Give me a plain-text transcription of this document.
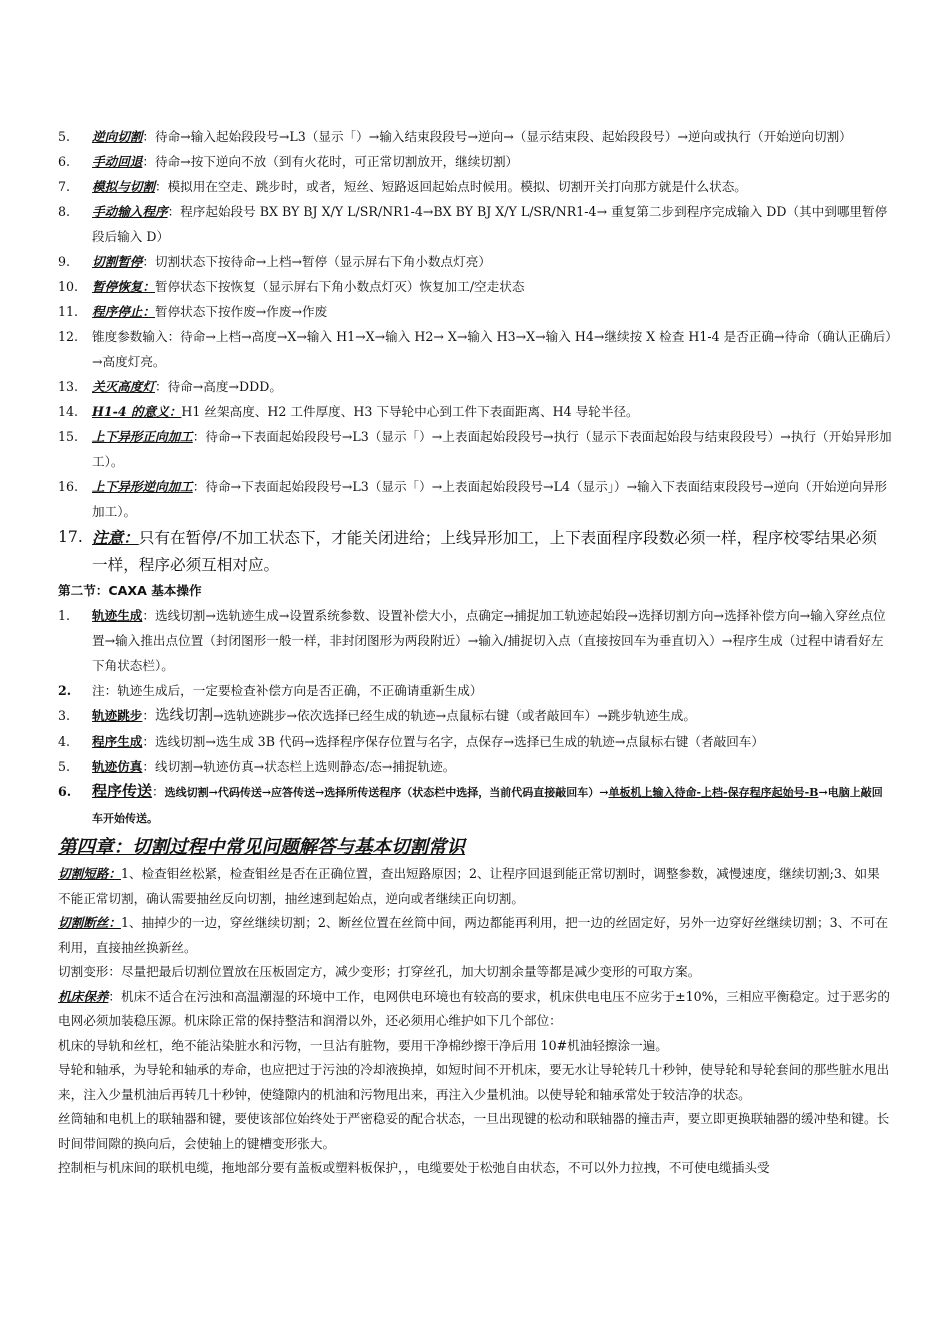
5.	逆向切割：待命→输入起始段段号→L3（显示「）→输入结束段段号→逆向→（显示结束段、起始段段号）→逆向或执行（开始逆向切割）
6.	手动回退：待命→按下逆向不放（到有火花时，可正常切割放开，继续切割）
7.	模拟与切割：模拟用在空走、跳步时，或者，短丝、短路返回起始点时候用。模拟、切割开关打向那方就是什么状态。
8.	手动输入程序：程序起始段号 BX BY BJ X/Y L/SR/NR1-4→BX BY BJ X/Y L/SR/NR1-4→ 重复第二步到程序完成输入 DD（其中到哪里暂停段后输入 D）
9.	切割暂停：切割状态下按待命→上档→暂停（显示屏右下角小数点灯亮）
10.	暂停恢复：暂停状态下按恢复（显示屏右下角小数点灯灭）恢复加工/空走状态
11.	程序停止：暂停状态下按作废→作废→作废
12.	锥度参数输入：待命→上档→高度→X→输入 H1→X→输入 H2→ X→输入 H3→X→输入 H4→继续按 X 检查 H1-4 是否正确→待命（确认正确后）→高度灯亮。
13.	关灭高度灯：待命→高度→DDD。
14.	H1-4 的意义：H1 丝架高度、H2 工件厚度、H3 下导轮中心到工件下表面距离、H4 导轮半径。
15.	上下异形正向加工：待命→下表面起始段段号→L3（显示「）→上表面起始段段号→执行（显示下表面起始段与结束段段号）→执行（开始异形加工）。
16.	上下异形逆向加工：待命→下表面起始段段号→L3（显示「）→上表面起始段段号→L4（显示」）→输入下表面结束段段号→逆向（开始逆向异形加工）。
17. 注意：只有在暂停/不加工状态下，才能关闭进给；上线异形加工，上下表面程序段数必须一样，程序校零结果必须一样，程序必须互相对应。
第二节：CAXA 基本操作
1.	轨迹生成：选线切割→选轨迹生成→设置系统参数、设置补偿大小，点确定→捕捉加工轨迹起始段→选择切割方向→选择补偿方向→输入穿丝点位置→输入推出点位置（封闭图形一般一样，非封闭图形为两段附近）→输入/捕捉切入点（直接按回车为垂直切入）→程序生成（过程中请看好左下角状态栏）。
2.	注：轨迹生成后，一定要检查补偿方向是否正确，不正确请重新生成）
3.	轨迹跳步：选线切割→选轨迹跳步→依次选择已经生成的轨迹→点鼠标右键（或者敲回车）→跳步轨迹生成。
4.	程序生成：选线切割→选生成 3B 代码→选择程序保存位置与名字，点保存→选择已生成的轨迹→点鼠标右键（者敲回车）
5.	轨迹仿真：线切割→轨迹仿真→状态栏上选则静态/态→捕捉轨迹。
6.	程序传送：选线切割→代码传送→应答传送→选择所传送程序（状态栏中选择，当前代码直接敲回车）→单板机上输入待命-上档-保存程序起始号-B→电脑上敲回车开始传送。
第四章：切割过程中常见问题解答与基本切割常识
切割短路：1、检查钼丝松紧，检查钼丝是否在正确位置，查出短路原因；2、让程序回退到能正常切割时，调整参数，减慢速度，继续切割;3、如果不能正常切割，确认需要抽丝反向切割，抽丝速到起始点，逆向或者继续正向切割。
切割断丝：1、抽掉少的一边，穿丝继续切割；2、断丝位置在丝筒中间，两边都能再利用，把一边的丝固定好，另外一边穿好丝继续切割；3、不可在利用，直接抽丝换新丝。
切割变形：尽量把最后切割位置放在压板固定方，减少变形；打穿丝孔，加大切割余量等都是减少变形的可取方案。
机床保养：机床不适合在污浊和高温潮湿的环境中工作，电网供电环境也有较高的要求，机床供电电压不应劣于±10%，三相应平衡稳定。过于恶劣的电网必须加装稳压源。机床除正常的保持整洁和润滑以外，还必须用心维护如下几个部位：
机床的导轨和丝杠，绝不能沾染脏水和污物，一旦沾有脏物，要用干净棉纱擦干净后用 10#机油轻擦涂一遍。
导轮和轴承，为导轮和轴承的寿命，也应把过于污浊的冷却液换掉，如短时间不开机床，要无水让导轮转几十秒钟，使导轮和导轮套间的那些脏水甩出来，注入少量机油后再转几十秒钟，使缝隙内的机油和污物甩出来，再注入少量机油。以使导轮和轴承常处于较洁净的状态。
丝筒轴和电机上的联轴器和键，要使该部位始终处于严密稳妥的配合状态，一旦出现键的松动和联轴器的撞击声，要立即更换联轴器的缓冲垫和键。长时间带间隙的换向后，会使轴上的键槽变形张大。
控制柜与机床间的联机电缆，拖地部分要有盖板或塑料板保护，，电缆要处于松弛自由状态，不可以外力拉拽，不可使电缆插头受
